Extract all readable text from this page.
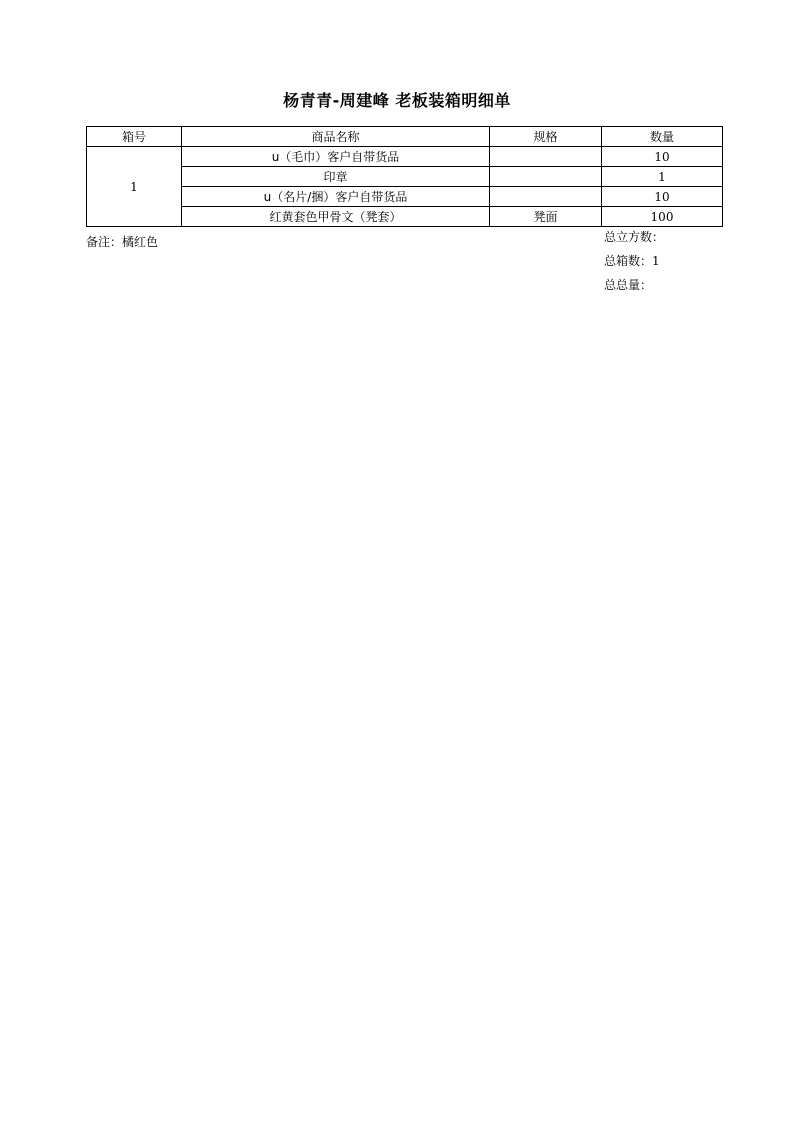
杨青青-周建峰 老板装箱明细单
箱号	商品名称	规格	数量
1	u（毛巾）客户自带货品		10
	印章		1
	u（名片/捆）客户自带货品		10
	红黄套色甲骨文（凳套）	凳面	100
备注：橘红色	总立方数：
总箱数：1
总总量：
